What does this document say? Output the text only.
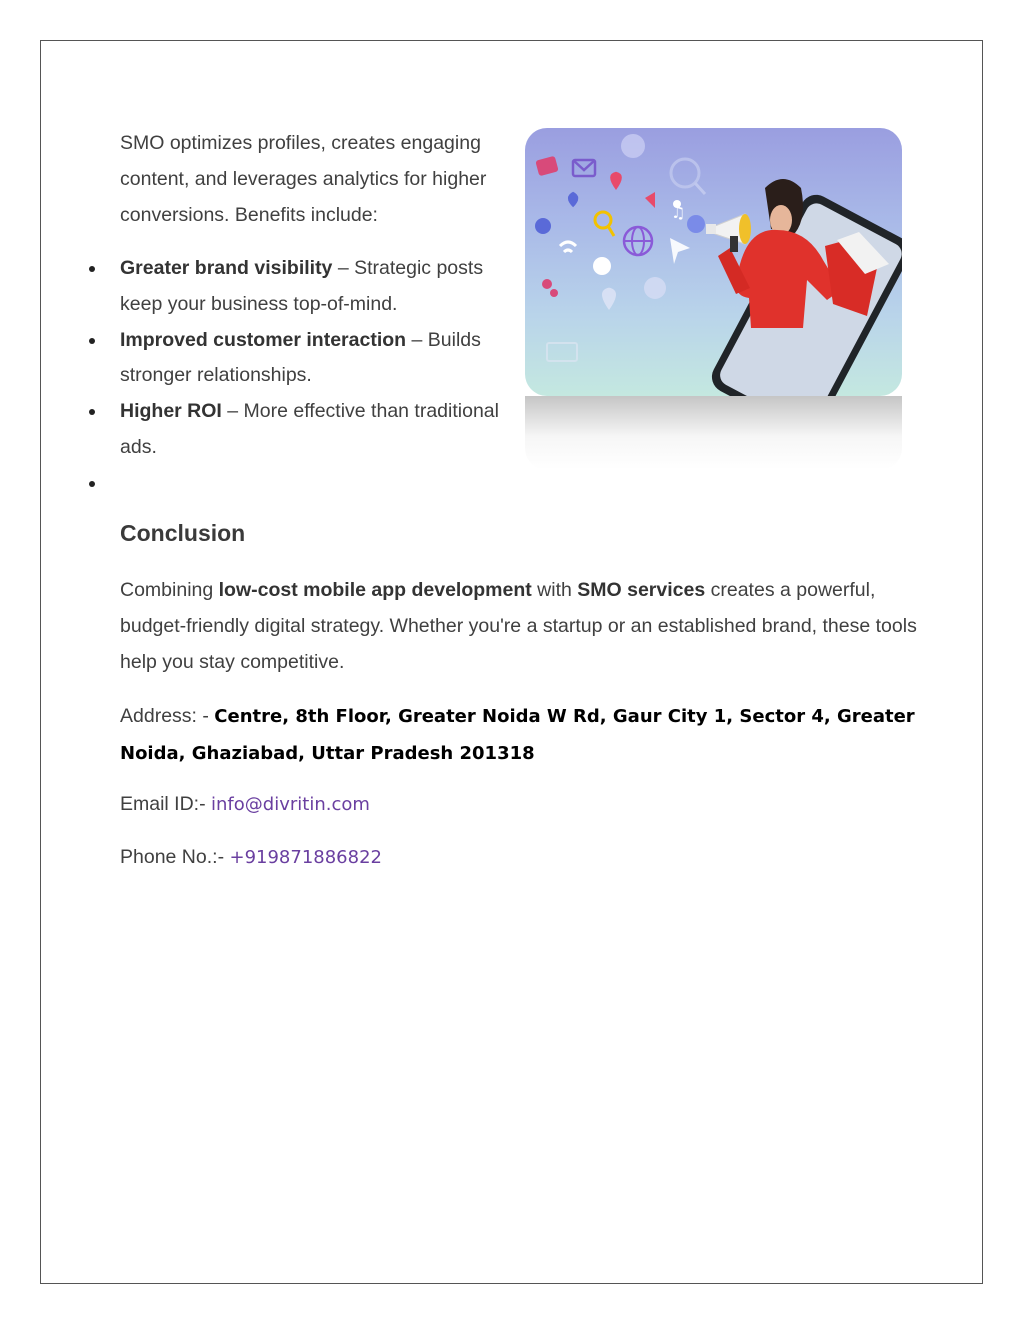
SMO optimizes profiles, creates engaging content, and leverages analytics for higher conversions. Benefits include:

Greater brand visibility – Strategic posts keep your business top-of-mind.
Improved customer interaction – Builds stronger relationships.
Higher ROI – More effective than traditional ads.
♫
Conclusion

Combining low-cost mobile app development with SMO services creates a powerful, budget-friendly digital strategy. Whether you're a startup or an established brand, these tools help you stay competitive.

Address: - Centre, 8th Floor, Greater Noida W Rd, Gaur City 1, Sector 4, Greater Noida, Ghaziabad, Uttar Pradesh 201318

Email ID:- info@divritin.com
Phone No.:- +919871886822
